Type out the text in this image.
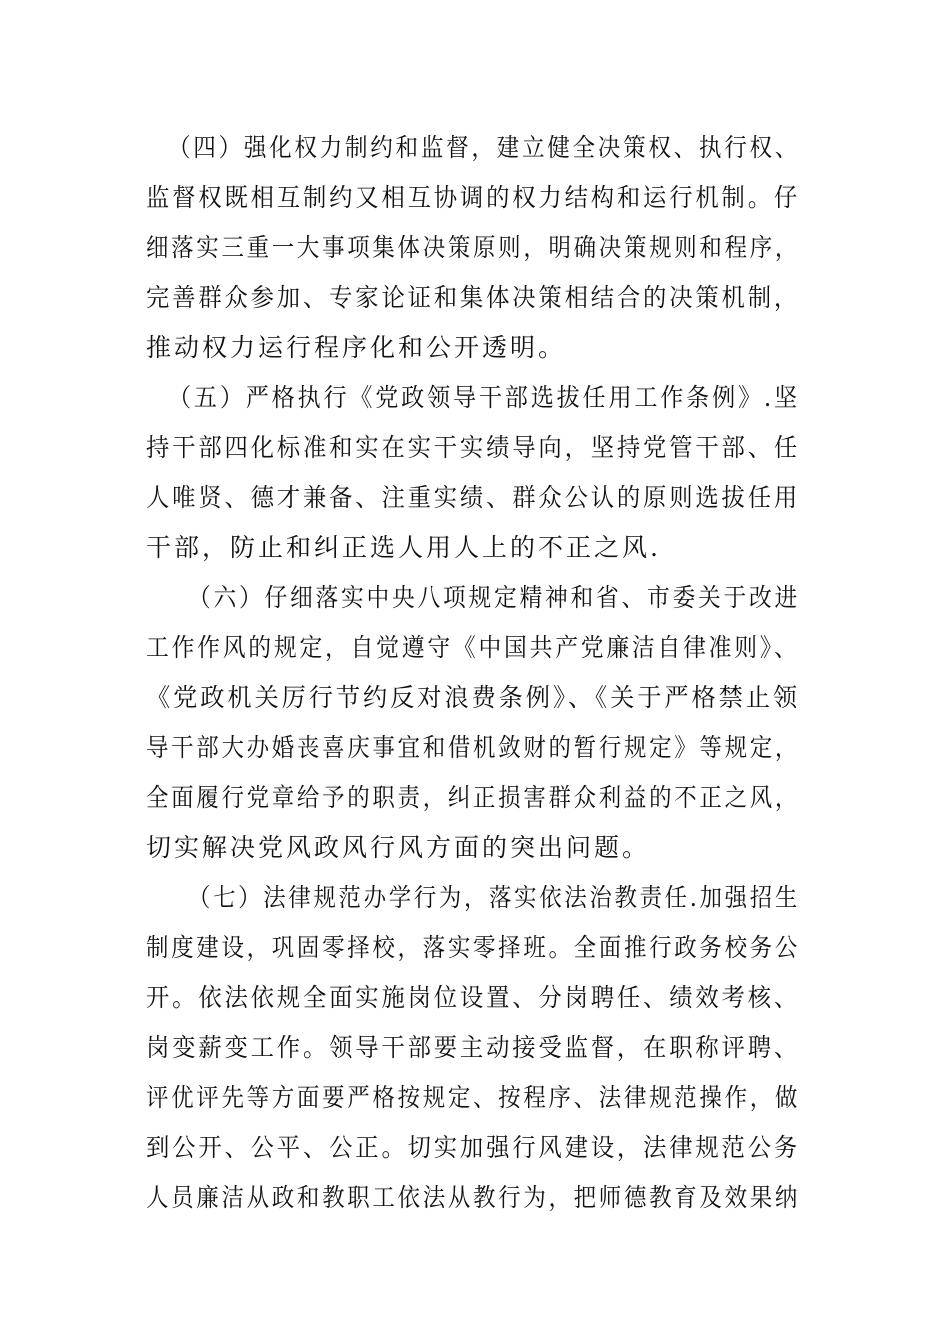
（四）强化权力制约和监督，建立健全决策权、执行权、
监督权既相互制约又相互协调的权力结构和运行机制。仔
细落实三重一大事项集体决策原则，明确决策规则和程序，
完善群众参加、专家论证和集体决策相结合的决策机制，
推动权力运行程序化和公开透明。
（五）严格执行《党政领导干部选拔任用工作条例》.坚
持干部四化标准和实在实干实绩导向，坚持党管干部、任
人唯贤、德才兼备、注重实绩、群众公认的原则选拔任用
干部，防止和纠正选人用人上的不正之风.
（六）仔细落实中央八项规定精神和省、市委关于改进
工作作风的规定，自觉遵守《中国共产党廉洁自律准则》、
《党政机关厉行节约反对浪费条例》、《关于严格禁止领
导干部大办婚丧喜庆事宜和借机敛财的暂行规定》等规定，
全面履行党章给予的职责，纠正损害群众利益的不正之风，
切实解决党风政风行风方面的突出问题。
（七）法律规范办学行为，落实依法治教责任.加强招生
制度建设，巩固零择校，落实零择班。全面推行政务校务公
开。依法依规全面实施岗位设置、分岗聘任、绩效考核、
岗变薪变工作。领导干部要主动接受监督，在职称评聘、
评优评先等方面要严格按规定、按程序、法律规范操作，做
到公开、公平、公正。切实加强行风建设，法律规范公务
人员廉洁从政和教职工依法从教行为，把师德教育及效果纳
